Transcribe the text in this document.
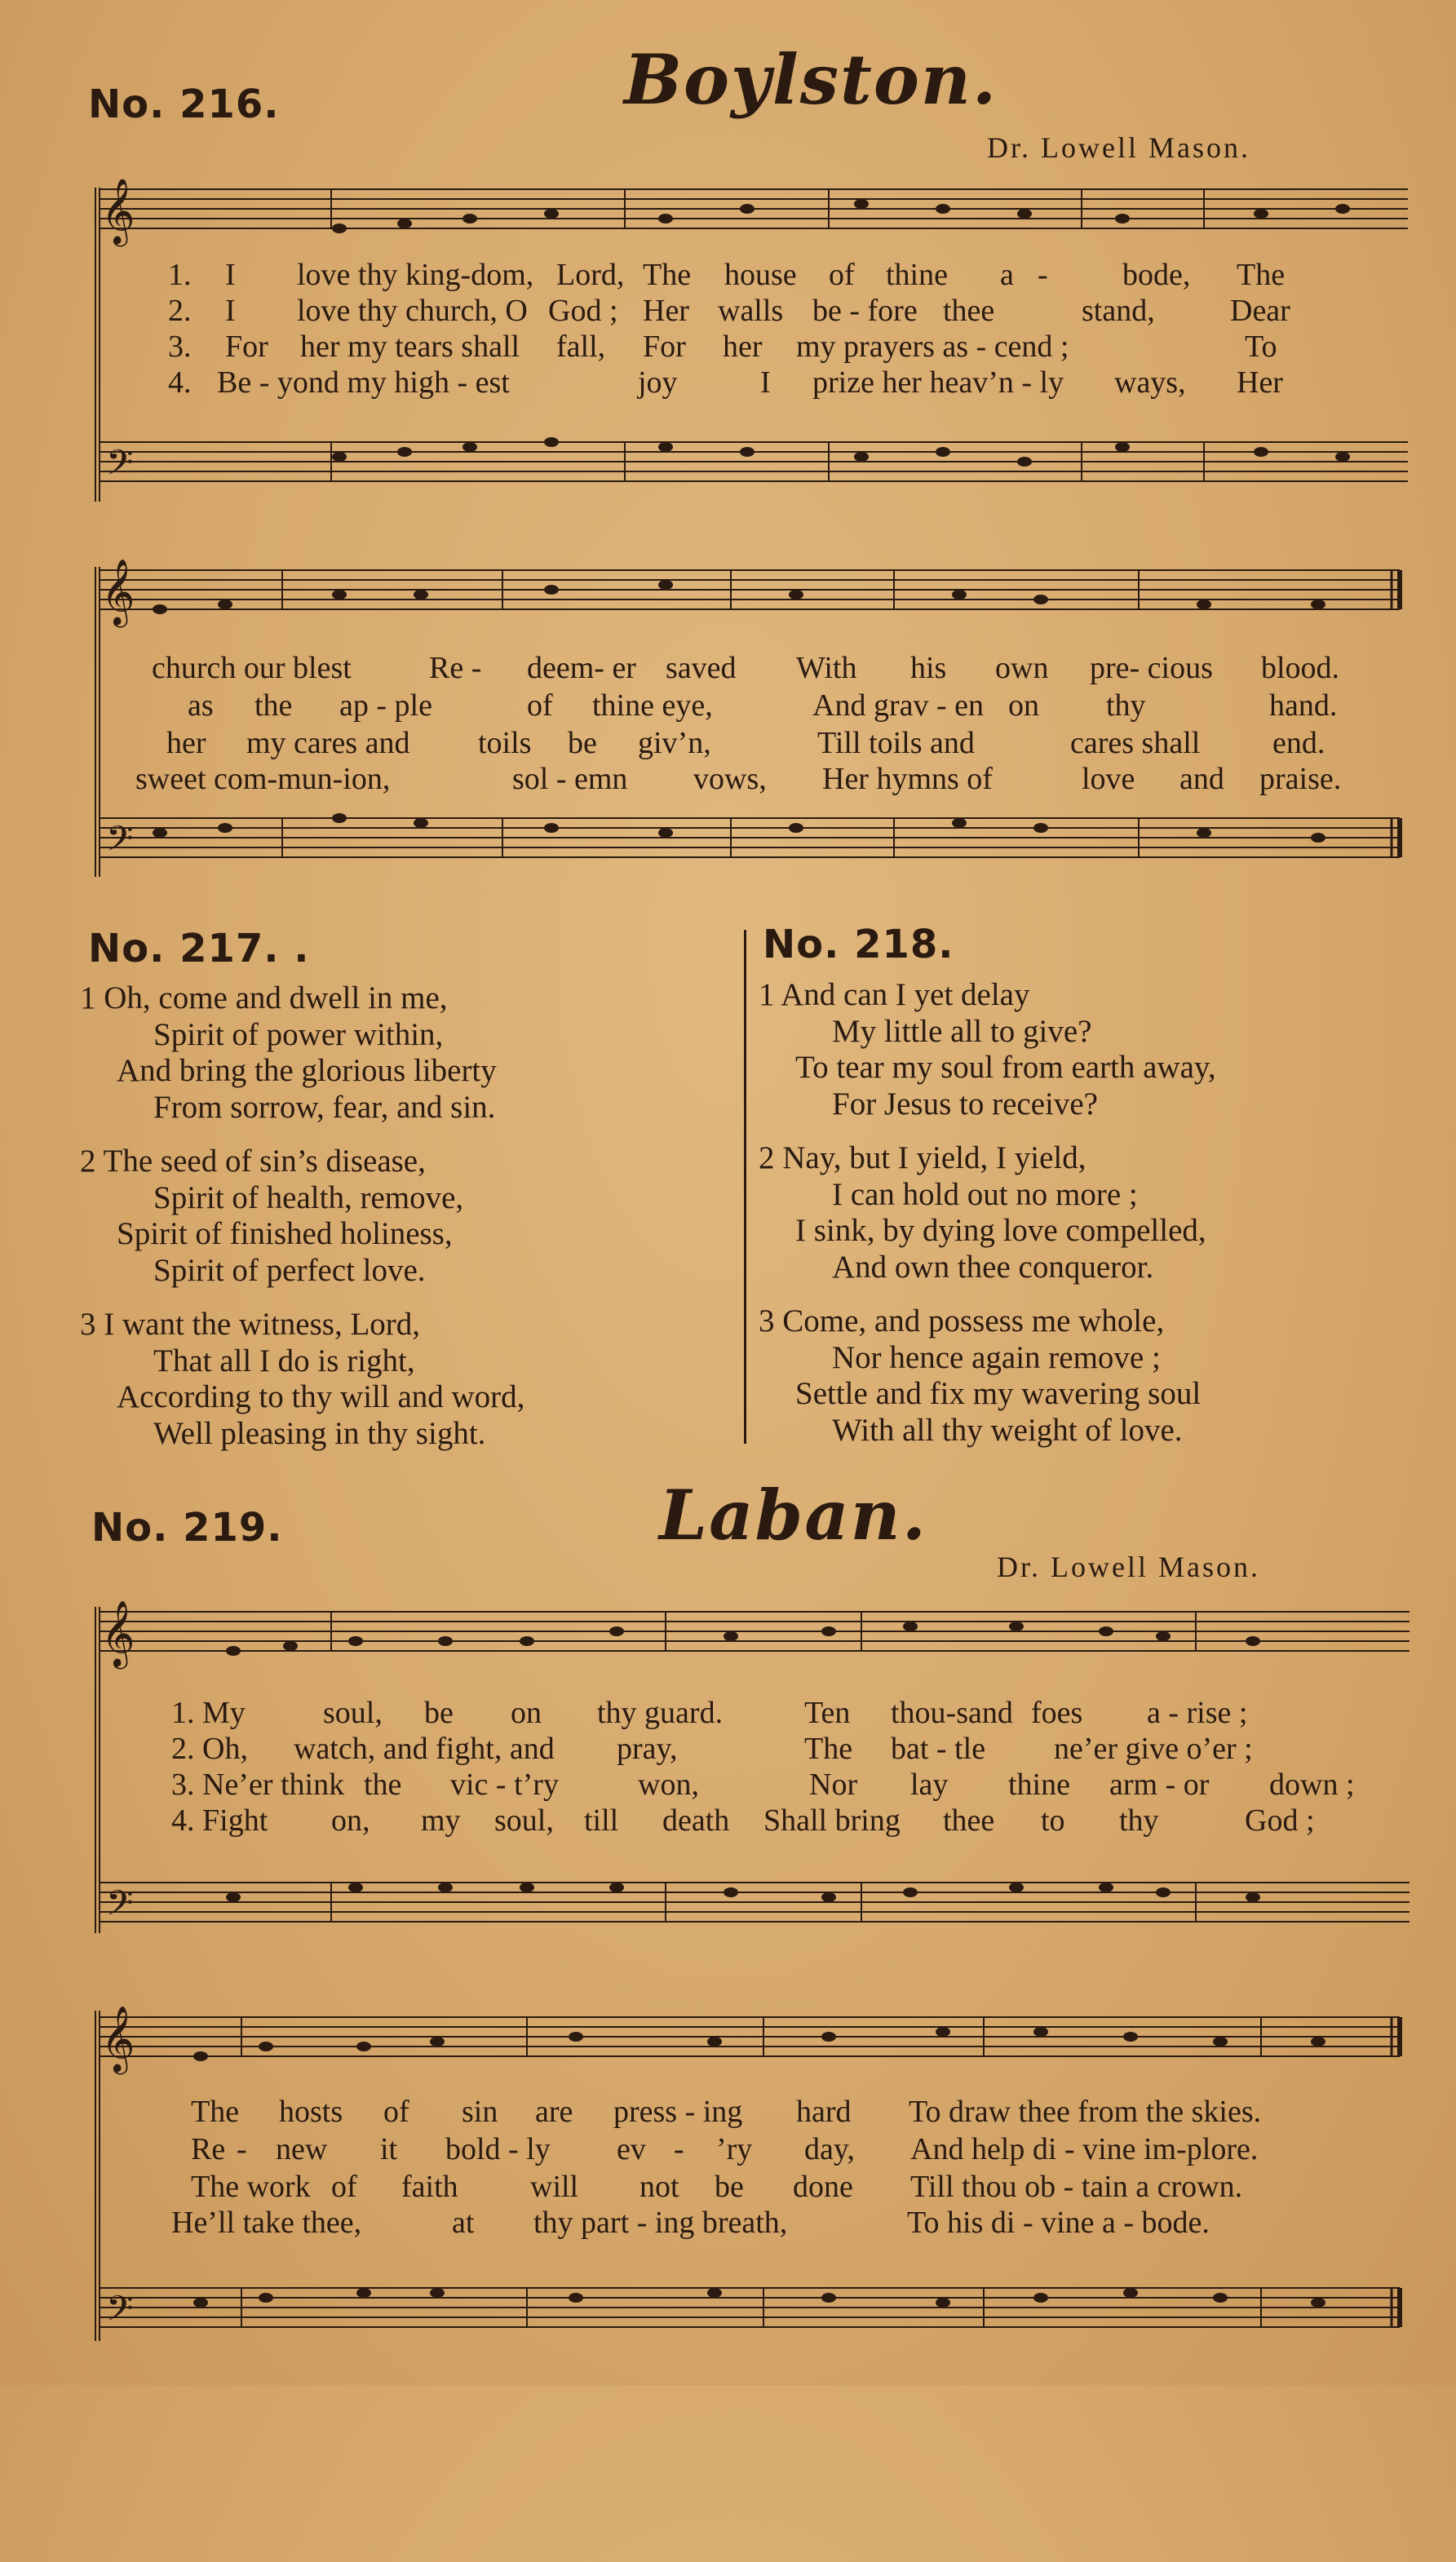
No. 216.	Boylston.
Dr. Lowell Mason.
𝄞
𝄢

1.

I

love thy king-dom,

Lord,

The

house

of

thine

a

-

bode,

The

2.

I

love thy church, O

God ;

Her

walls

be - fore

thee

	stand,

Dear

3.

For

her my tears shall

fall,

For

her

my prayers as - cend ;

	To

4.

Be - yond my high - est

	joy

	I

prize her heav’n - ly

ways,

Her

𝄞
𝄢

church our blest

	Re -

deem- er

saved

With

his

own

pre- cious

blood.

as

the

ap - ple

	of

thine eye,

	And grav - en

on

thy

	hand.

her

my cares and

toils

be

giv’n,

	Till toils and

	cares shall

end.

sweet com-mun-ion,

	sol - emn

vows,

Her hymns of

	love

and

praise.

No. 217. .
1 Oh, come and dwell in me,
Spirit of power within,
And bring the glorious liberty
From sorrow, fear, and sin.
2 The seed of sin’s disease,
Spirit of health, remove,
Spirit of finished holiness,
Spirit of perfect love.
3 I want the witness, Lord,
That all I do is right,
According to thy will and word,
Well pleasing in thy sight.
No. 218.
1 And can I yet delay
My little all to give?
To tear my soul from earth away,
For Jesus to receive?
2 Nay, but I yield, I yield,
I can hold out no more ;
I sink, by dying love compelled,
And own thee conqueror.
3 Come, and possess me whole,
Nor hence again remove ;
Settle and fix my wavering soul
With all thy weight of love.
No. 219.	Laban.
Dr. Lowell Mason.
𝄞
𝄢

1. My

	soul,

be

on

thy guard.

	Ten

thou-sand

foes

a - rise ;

2. Oh,

watch, and fight, and

pray,

	The

bat - tle

ne’er give o’er ;

3. Ne’er think

the

vic - t’ry

	won,

	Nor

lay

thine

arm - or

down ;

4. Fight

on,

my

soul,

till

death

Shall bring

thee

to

thy

	God ;

𝄞
𝄢

The

hosts

of

sin

are

press - ing

hard

To draw thee from the skies.

Re

-

new

it

bold - ly

ev

-

’ry

day,

And help di - vine im-plore.

The work

of

faith

will

not

be

done

Till thou ob - tain a crown.

He’ll take thee,

	at

thy part - ing breath,

	To his di - vine a - bode.
